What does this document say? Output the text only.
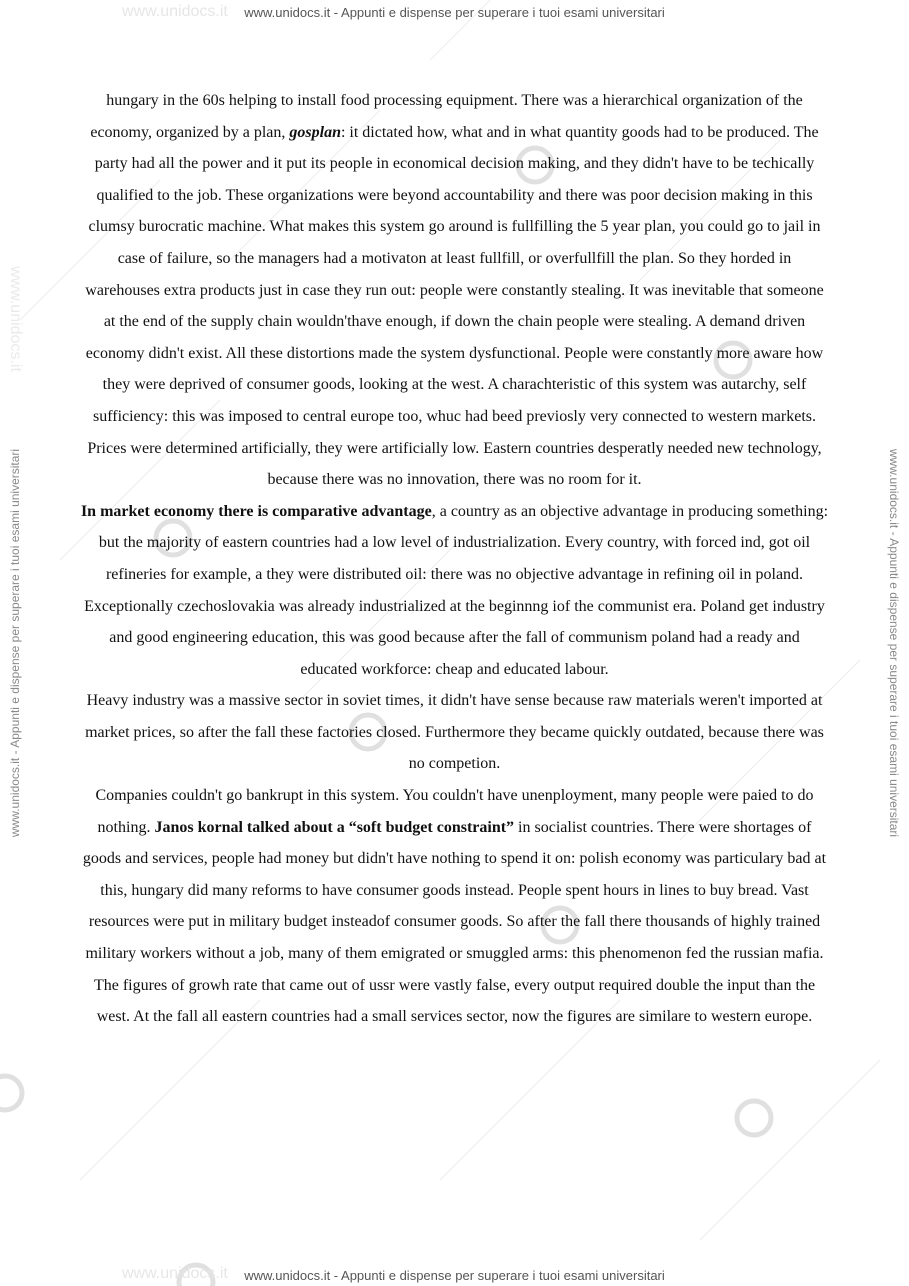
www.unidocs.it
www.unidocs.it
www.unidocs.it - Appunti e dispense per superare i tuoi esami universitari
www.unidocs.it - Appunti e dispense per superare i tuoi esami universitari
www.unidocs.it - Appunti e dispense per superare i tuoi esami universitari	www.unidocs.it - Appunti e dispense per superare i tuoi esami universitari
www.unidocs.it

hungary in the 60s helping to install food processing equipment. There was a hierarchical organization of the economy, organized by a plan, gosplan: it dictated how, what and in what quantity goods had to be produced. The party had all the power and it put its people in economical decision making, and they didn't have to be techically qualified to the job. These organizations were beyond accountability and there was poor decision making in this clumsy burocratic machine. What makes this system go around is fullfilling the 5 year plan, you could go to jail in case of failure, so the managers had a motivaton at least fullfill, or overfullfill the plan. So they horded in warehouses extra products just in case they run out: people were constantly stealing. It was inevitable that someone at the end of the supply chain wouldn'thave enough, if down the chain people were stealing. A demand driven economy didn't exist. All these distortions made the system dysfunctional. People were constantly more aware how they were deprived of consumer goods, looking at the west. A charachteristic of this system was autarchy, self sufficiency: this was imposed to central europe too, whuc had beed previosly very connected to western markets. Prices were determined artificially, they were artificially low. Eastern countries desperatly needed new technology, because there was no innovation, there was no room for it.

In market economy there is comparative advantage, a country as an objective advantage in producing something: but the majority of eastern countries had a low level of industrialization. Every country, with forced ind, got oil refineries for example, a they were distributed oil: there was no objective advantage in refining oil in poland. Exceptionally czechoslovakia was already industrialized at the beginnng iof the communist era. Poland get industry and good engineering education, this was good because after the fall of communism poland had a ready and educated workforce: cheap and educated labour.

Heavy industry was a massive sector in soviet times, it didn't have sense because raw materials weren't imported at market prices, so after the fall these factories closed. Furthermore they became quickly outdated, because there was no competion.

Companies couldn't go bankrupt in this system. You couldn't have unenployment, many people were paied to do nothing. Janos kornal talked about a “soft budget constraint” in socialist countries. There were shortages of goods and services, people had money but didn't have nothing to spend it on: polish economy was particulary bad at this, hungary did many reforms to have consumer goods instead. People spent hours in lines to buy bread. Vast resources were put in military budget insteadof consumer goods. So after the fall there thousands of highly trained military workers without a job, many of them emigrated or smuggled arms: this phenomenon fed the russian mafia. The figures of growh rate that came out of ussr were vastly false, every output required double the input than the west. At the fall all eastern countries had a small services sector, now the figures are similare to western europe.
